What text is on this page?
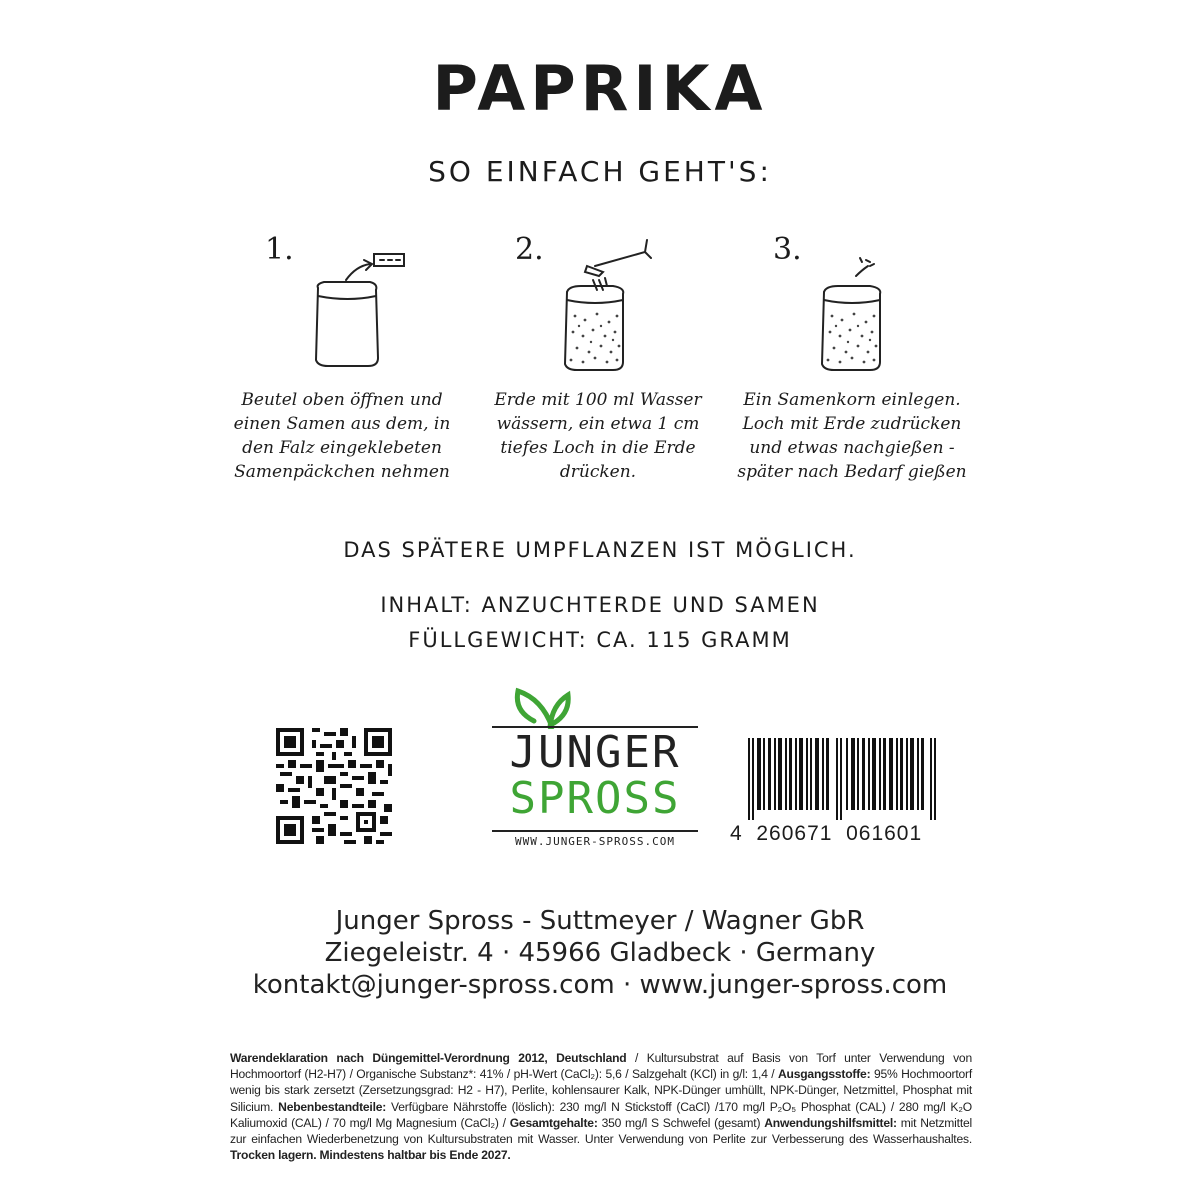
PAPRIKA
SO EINFACH GEHT'S:
1.
Beutel oben öffnen und einen Samen aus dem, in den Falz eingeklebeten Samenpäckchen nehmen
2.
Erde mit 100 ml Wasser wässern, ein etwa 1 cm tiefes Loch in die Erde drücken.
3.
Ein Samenkorn einlegen. Loch mit Erde zudrücken und etwas nachgießen - später nach Bedarf gießen
DAS SPÄTERE UMPFLANZEN IST MÖGLICH.
INHALT: ANZUCHTERDE UND SAMEN
FÜLLGEWICHT: CA. 115 GRAMM
JUNGER
SPROSS
WWW.JUNGER-SPROSS.COM	4  260671  061601
Junger Spross - Suttmeyer / Wagner GbR
Ziegeleistr. 4 · 45966 Gladbeck · Germany
kontakt@junger-spross.com · www.junger-spross.com
Warendeklaration nach Düngemittel-Verordnung 2012, Deutschland / Kultursubstrat auf Basis von Torf unter Verwendung von Hochmoortorf (H2-H7) / Organische Substanz*: 41% / pH-Wert (CaCl₂): 5,6 / Salzgehalt (KCl) in g/l: 1,4 / Ausgangsstoffe: 95% Hochmoortorf wenig bis stark zersetzt (Zersetzungsgrad: H2 - H7), Perlite, kohlensaurer Kalk, NPK-Dünger umhüllt, NPK-Dünger, Netzmittel, Phosphat mit Silicium. Nebenbestandteile: Verfügbare Nährstoffe (löslich): 230 mg/l N Stickstoff (CaCl) /170 mg/l P₂O₅ Phosphat (CAL) / 280 mg/l K₂O Kaliumoxid (CAL) / 70 mg/l Mg Magnesium (CaCl₂) / Gesamtgehalte: 350 mg/l S Schwefel (gesamt) Anwendungshilfsmittel: mit Netzmittel zur einfachen Wiederbenetzung von Kultursubstraten mit Wasser. Unter Verwendung von Perlite zur Verbesserung des Wasserhaushaltes. Trocken lagern. Mindestens haltbar bis Ende 2027.
